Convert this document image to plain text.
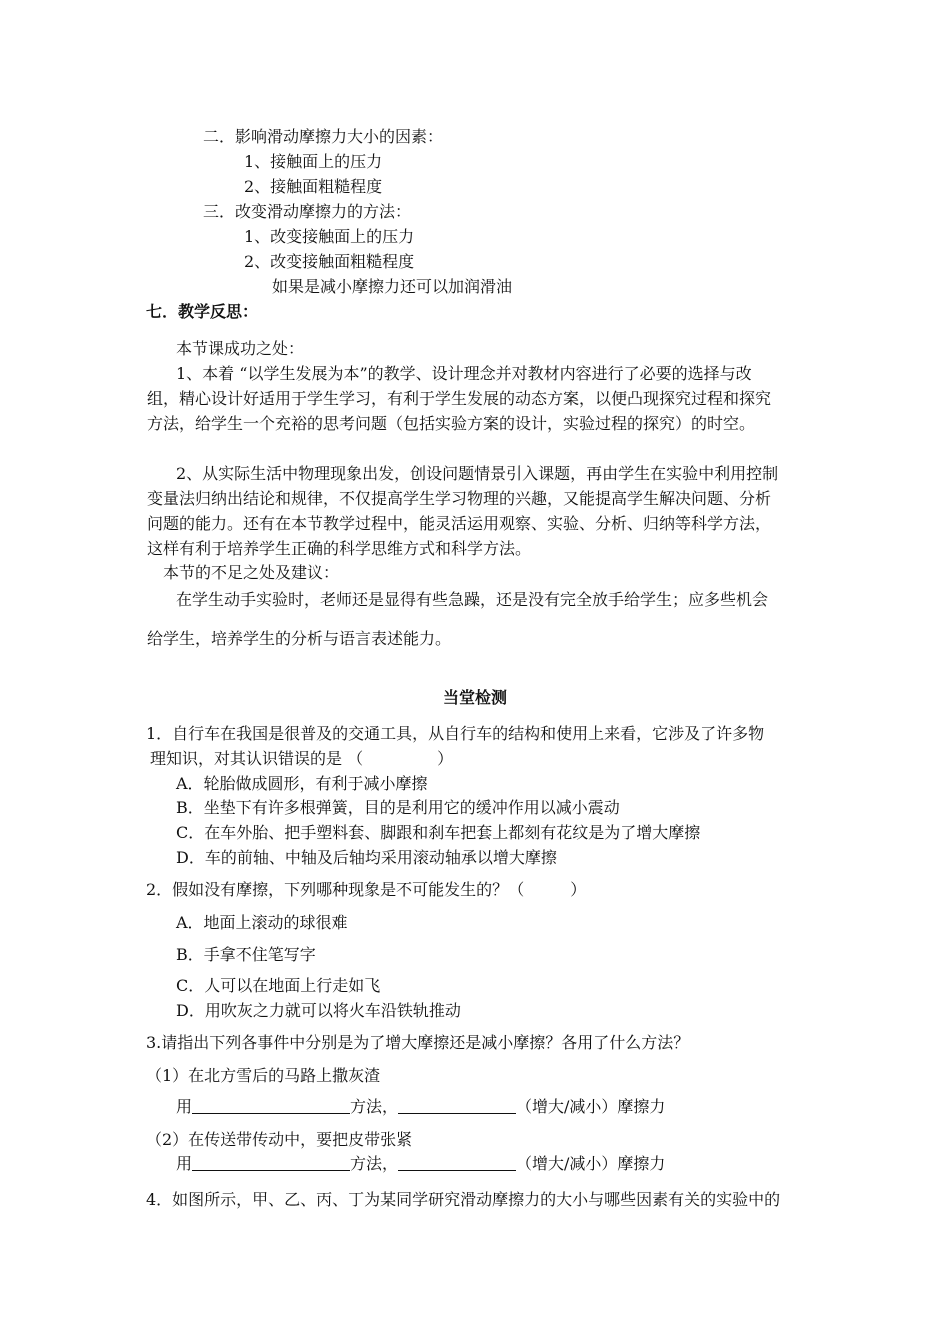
二．影响滑动摩擦力大小的因素：
1、接触面上的压力
2、接触面粗糙程度
三．改变滑动摩擦力的方法：
1、改变接触面上的压力
2、改变接触面粗糙程度
如果是减小摩擦力还可以加润滑油
七．教学反思：
本节课成功之处：
1、本着 “以学生发展为本”的教学、设计理念并对教材内容进行了必要的选择与改
组，精心设计好适用于学生学习，有利于学生发展的动态方案，以便凸现探究过程和探究
方法，给学生一个充裕的思考问题（包括实验方案的设计，实验过程的探究）的时空。
2、从实际生活中物理现象出发，创设问题情景引入课题，再由学生在实验中利用控制
变量法归纳出结论和规律，不仅提高学生学习物理的兴趣，又能提高学生解决问题、分析
问题的能力。还有在本节教学过程中，能灵活运用观察、实验、分析、归纳等科学方法，
这样有利于培养学生正确的科学思维方式和科学方法。
本节的不足之处及建议：
在学生动手实验时，老师还是显得有些急躁，还是没有完全放手给学生；应多些机会
给学生，培养学生的分析与语言表述能力。
当堂检测
1．自行车在我国是很普及的交通工具，从自行车的结构和使用上来看，它涉及了许多物
理知识，对其认识错误的是 （	）
A．轮胎做成圆形，有利于减小摩擦
B．坐垫下有许多根弹簧，目的是利用它的缓冲作用以减小震动
C．在车外胎、把手塑料套、脚跟和刹车把套上都刻有花纹是为了增大摩擦
D．车的前轴、中轴及后轴均采用滚动轴承以增大摩擦
2．假如没有摩擦，下列哪种现象是不可能发生的？（	）
A．地面上滚动的球很难
B．手拿不住笔写字
C．人可以在地面上行走如飞
D．用吹灰之力就可以将火车沿铁轨推动
3.请指出下列各事件中分别是为了增大摩擦还是减小摩擦？各用了什么方法？
（1）在北方雪后的马路上撒灰渣
用	方法，	（增大/减小）摩擦力
（2）在传送带传动中，要把皮带张紧
用	方法，	（增大/减小）摩擦力
4．如图所示，甲、乙、丙、丁为某同学研究滑动摩擦力的大小与哪些因素有关的实验中的
